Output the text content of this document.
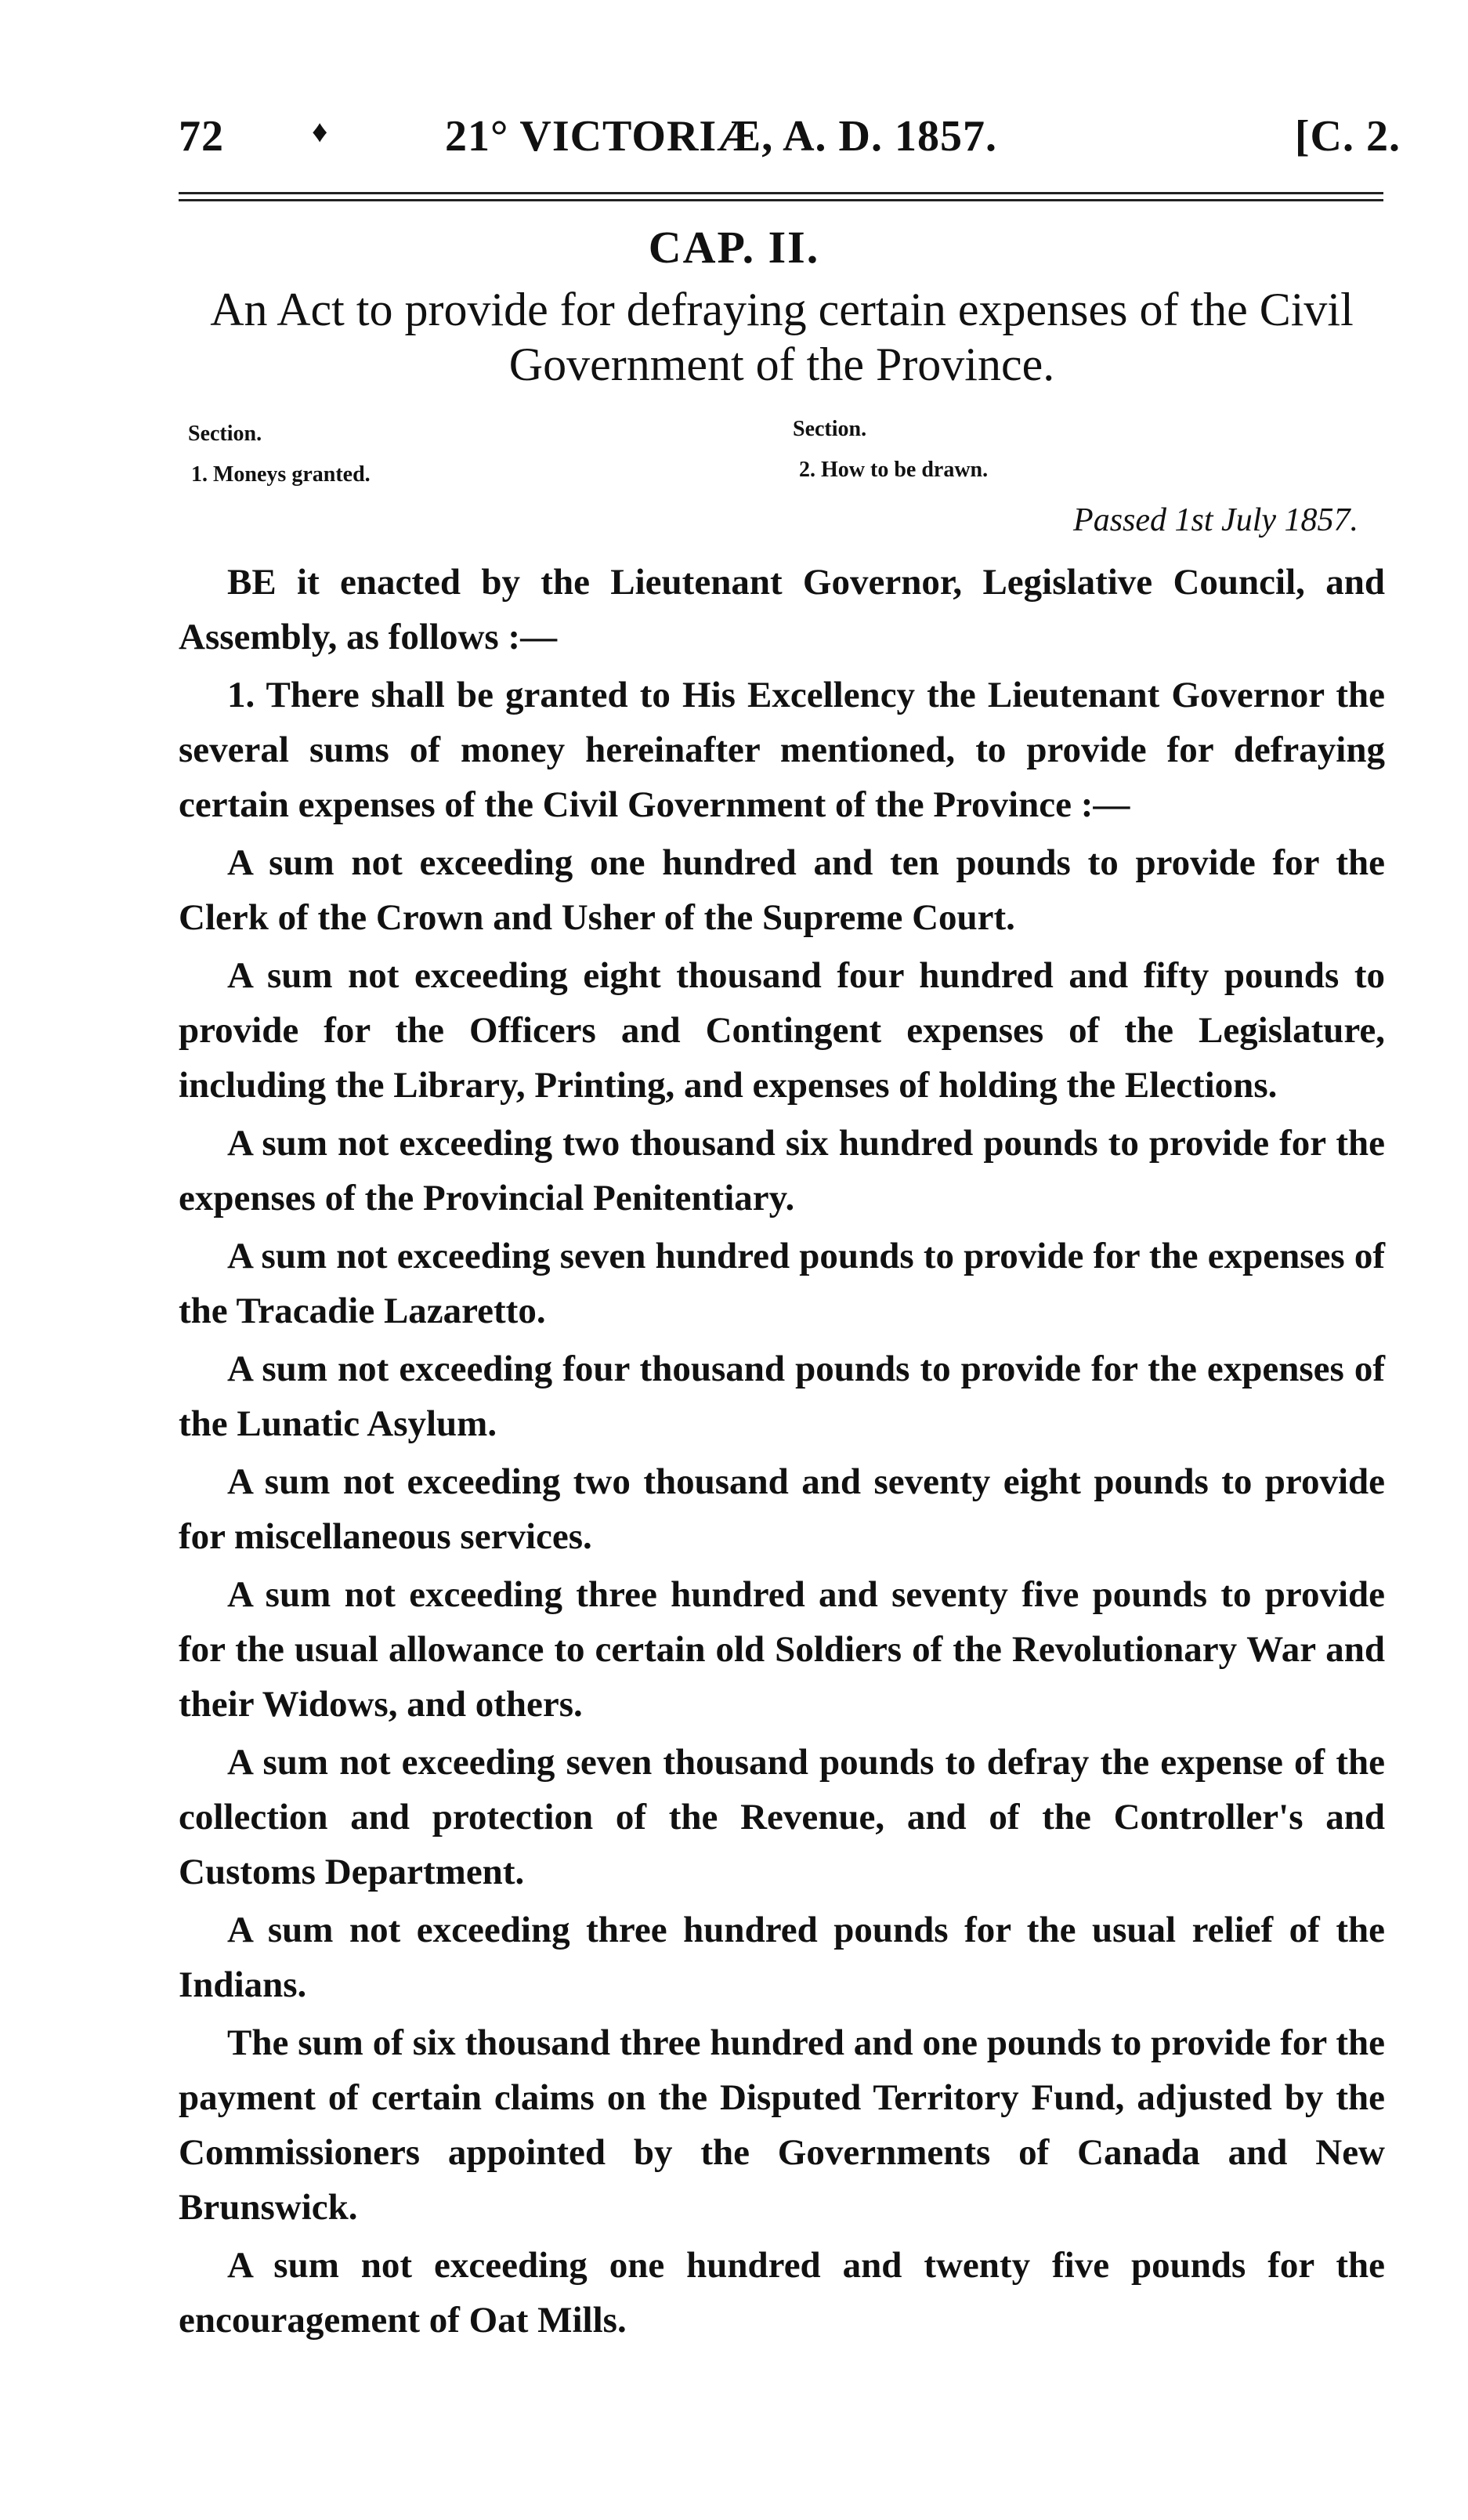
72	♦	21° VICTORIÆ, A. D. 1857.	[C. 2.
CAP. II.
An Act to provide for defraying certain expenses of the Civil Government of the Province.
Section.
1. Moneys granted.
Section.
2. How to be drawn.
Passed 1st July 1857.

BE it enacted by the Lieutenant Governor, Legislative Council, and Assembly, as follows :—

1. There shall be granted to His Excellency the Lieutenant Governor the several sums of money hereinafter mentioned, to provide for defraying certain expenses of the Civil Government of the Province :—

A sum not exceeding one hundred and ten pounds to provide for the Clerk of the Crown and Usher of the Supreme Court.

A sum not exceeding eight thousand four hundred and fifty pounds to provide for the Officers and Contingent expenses of the Legislature, including the Library, Printing, and expenses of holding the Elections.

A sum not exceeding two thousand six hundred pounds to provide for the expenses of the Provincial Penitentiary.

A sum not exceeding seven hundred pounds to provide for the expenses of the Tracadie Lazaretto.

A sum not exceeding four thousand pounds to provide for the expenses of the Lunatic Asylum.

A sum not exceeding two thousand and seventy eight pounds to provide for miscellaneous services.

A sum not exceeding three hundred and seventy five pounds to provide for the usual allowance to certain old Soldiers of the Revolutionary War and their Widows, and others.

A sum not exceeding seven thousand pounds to defray the expense of the collection and protection of the Revenue, and of the Controller's and Customs Department.

A sum not exceeding three hundred pounds for the usual relief of the Indians.

The sum of six thousand three hundred and one pounds to provide for the payment of certain claims on the Disputed Territory Fund, adjusted by the Commissioners appointed by the Governments of Canada and New Brunswick.

A sum not exceeding one hundred and twenty five pounds for the encouragement of Oat Mills.
